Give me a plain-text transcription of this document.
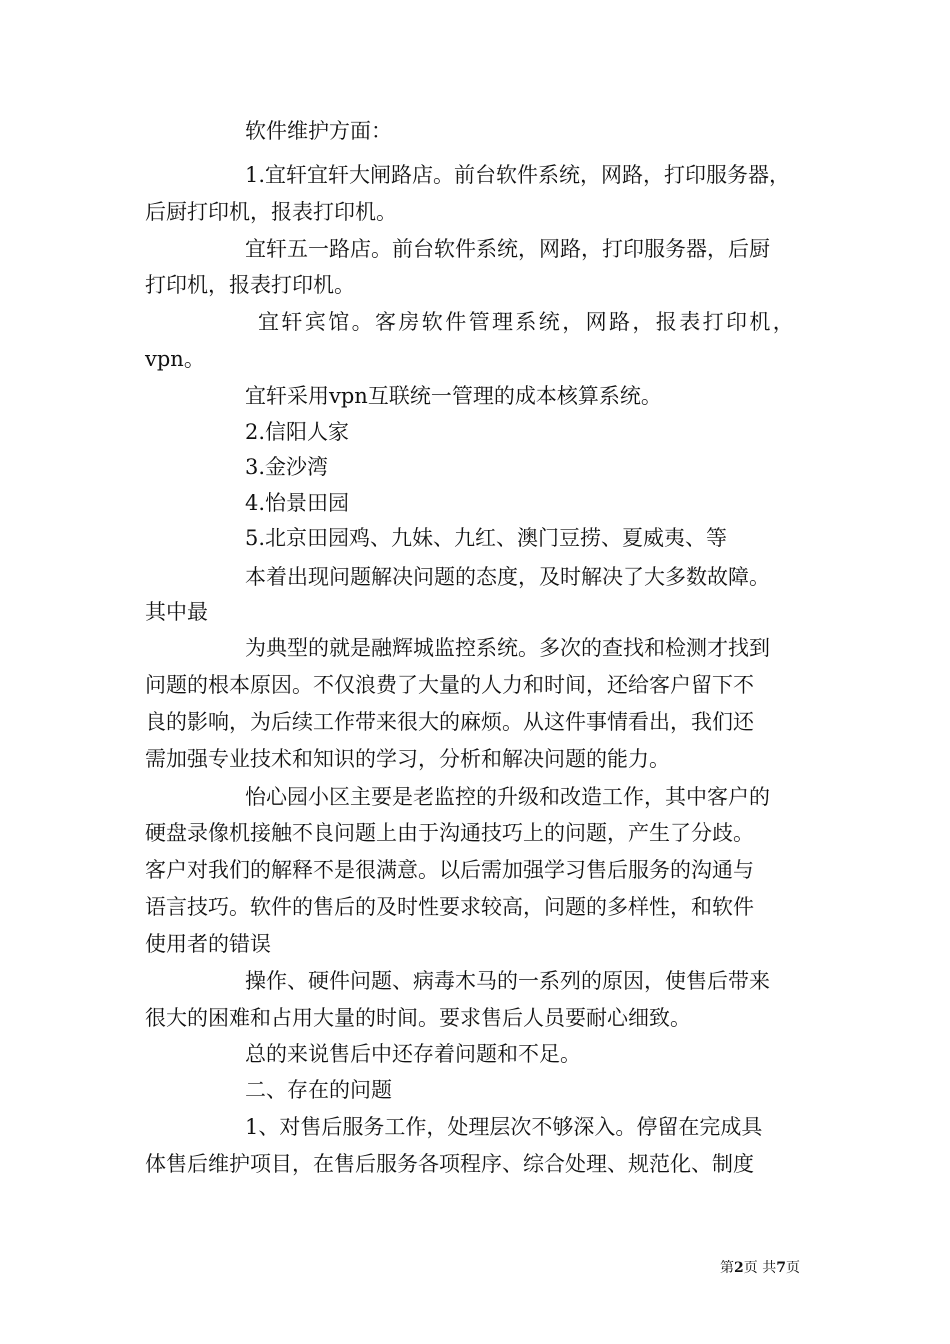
软件维护方面：
1.宜轩宜轩大闸路店。前台软件系统，网路，打印服务器，
后厨打印机，报表打印机。
宜轩五一路店。前台软件系统，网路，打印服务器，后厨
打印机，报表打印机。
宜轩宾馆。客房软件管理系统，网路，报表打印机，
vpn。
宜轩采用vpn互联统一管理的成本核算系统。
2.信阳人家
3.金沙湾
4.怡景田园
5.北京田园鸡、九妹、九红、澳门豆捞、夏威夷、等
本着出现问题解决问题的态度，及时解决了大多数故障。
其中最
为典型的就是融辉城监控系统。多次的查找和检测才找到
问题的根本原因。不仅浪费了大量的人力和时间，还给客户留下不
良的影响，为后续工作带来很大的麻烦。从这件事情看出，我们还
需加强专业技术和知识的学习，分析和解决问题的能力。
怡心园小区主要是老监控的升级和改造工作，其中客户的
硬盘录像机接触不良问题上由于沟通技巧上的问题，产生了分歧。
客户对我们的解释不是很满意。以后需加强学习售后服务的沟通与
语言技巧。软件的售后的及时性要求较高，问题的多样性，和软件
使用者的错误
操作、硬件问题、病毒木马的一系列的原因，使售后带来
很大的困难和占用大量的时间。要求售后人员要耐心细致。
总的来说售后中还存着问题和不足。
二、存在的问题
1、对售后服务工作，处理层次不够深入。停留在完成具
体售后维护项目，在售后服务各项程序、综合处理、规范化、制度
第2页 共7页
